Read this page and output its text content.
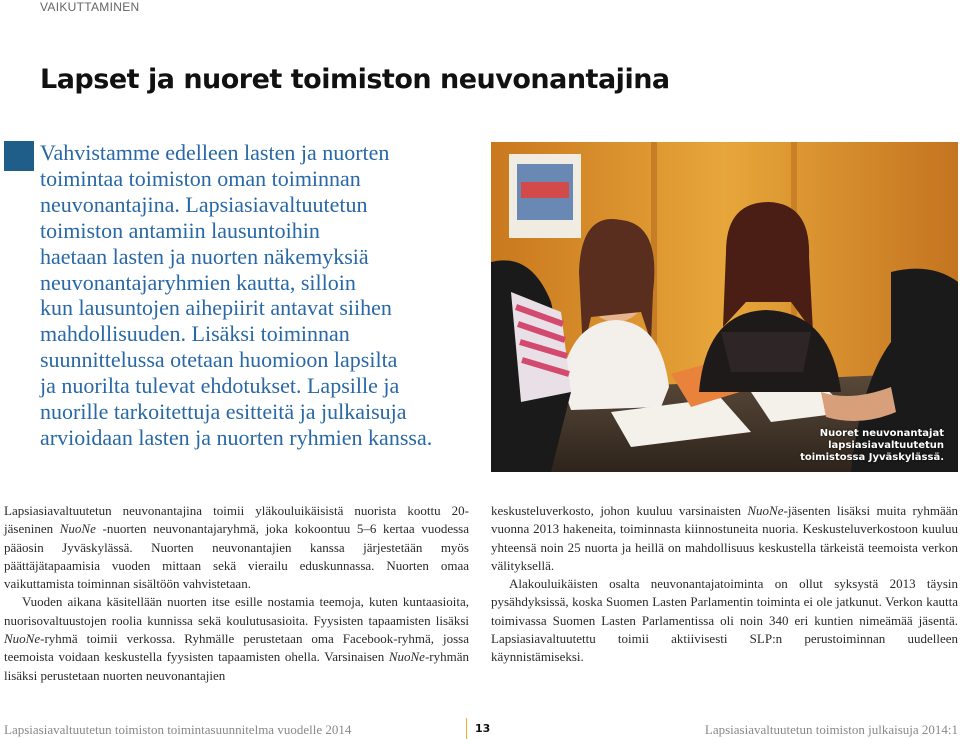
VAIKUTTAMINEN
Lapset ja nuoret toimiston neuvonantajina
Vahvistamme edelleen lasten ja nuorten
toimintaa toimiston oman toiminnan
neuvonantajina. Lapsiasiavaltuutetun
toimiston antamiin lausuntoihin
haetaan lasten ja nuorten näkemyksiä
neuvonantajaryhmien kautta, silloin
kun lausuntojen aihepiirit antavat siihen
mahdollisuuden. Lisäksi toiminnan
suunnittelussa otetaan huomioon lapsilta
ja nuorilta tulevat ehdotukset. Lapsille ja
nuorille tarkoitettuja esitteitä ja julkaisuja
arvioidaan lasten ja nuorten ryhmien kanssa.	Nuoret neuvonantajat
lapsiasiavaltuutetun
toimistossa Jyväskylässä.

Lapsiasiavaltuutetun neuvonantajina toimii yläkouluikäisistä nuorista koottu 20-jäseninen NuoNe -nuorten neuvonantajaryhmä, joka kokoontuu 5–6 kertaa vuodessa pääosin Jyväskylässä. Nuorten neuvonantajien kanssa järjestetään myös päättäjätapaamisia vuoden mittaan sekä vierailu eduskunnassa. Nuorten omaa vaikuttamista toiminnan sisältöön vahvistetaan.

Vuoden aikana käsitellään nuorten itse esille nostamia teemoja, kuten kuntaasioita, nuorisovaltuustojen roolia kunnissa sekä koulutusasioita. Fyysisten tapaamisten lisäksi NuoNe-ryhmä toimii verkossa. Ryhmälle perustetaan oma Facebook-ryhmä, jossa teemoista voidaan keskustella fyysisten tapaamisten ohella. Varsinaisen NuoNe-ryhmän lisäksi perustetaan nuorten neuvonantajien

keskusteluverkosto, johon kuuluu varsinaisten NuoNe-jäsenten lisäksi muita ryhmään vuonna 2013 hakeneita, toiminnasta kiinnostuneita nuoria. Keskusteluverkostoon kuuluu yhteensä noin 25 nuorta ja heillä on mahdollisuus keskustella tärkeistä teemoista verkon välityksellä.

Alakouluikäisten osalta neuvonantajatoiminta on ollut syksystä 2013 täysin pysähdyksissä, koska Suomen Lasten Parlamentin toiminta ei ole jatkunut. Verkon kautta toimivassa Suomen Lasten Parlamentissa oli noin 340 eri kuntien nimeämää jäsentä. Lapsiasiavaltuutettu toimii aktiivisesti SLP:n perustoiminnan uudelleen käynnistämiseksi.

Lapsiasiavaltuutetun toimiston toimintasuunnitelma vuodelle 2014	13	Lapsiasiavaltuutetun toimiston julkaisuja 2014:1
